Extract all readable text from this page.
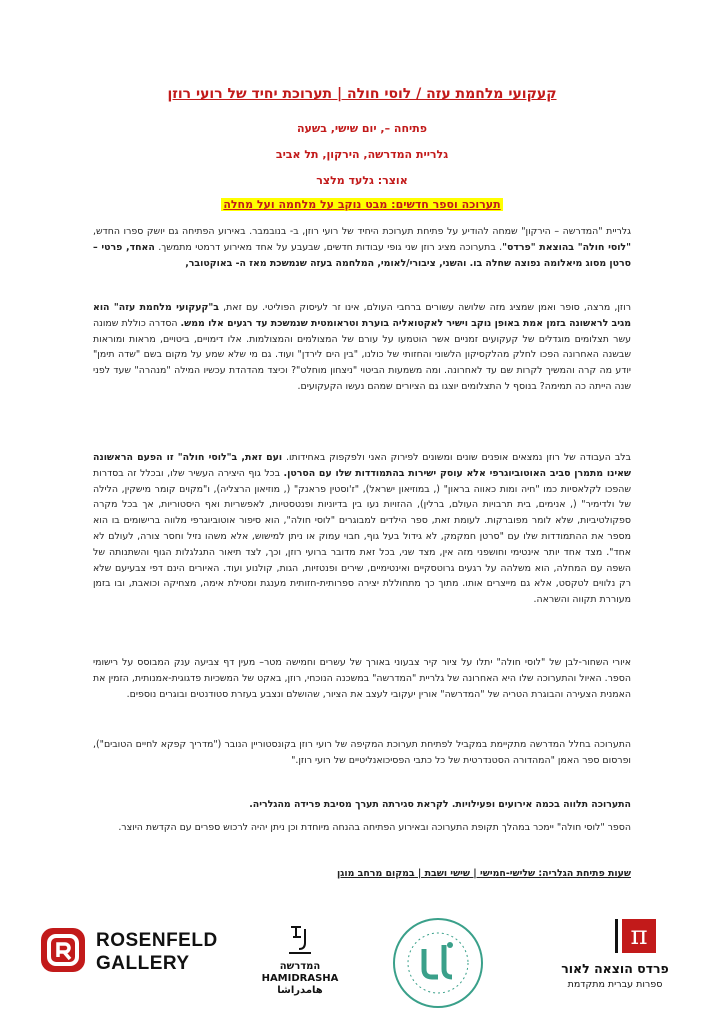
קעקועי מלחמת עזה / לוסי חולה | תערוכת יחיד של רועי רוזן
פתיחה –, יום שישי, בשעה
גלריית המדרשה, הירקון, תל אביב
אוצר: גלעד מלצר
תערוכה וספר חדשים: מבט נוקב על מלחמה ועל מחלה
גלריית "המדרשה – הירקון" שמחה להודיע על פתיחת תערוכת היחיד של רועי רוזן, ב- בנובמבר. באירוע הפתיחה גם יושק ספרו החדש, "לוסי חולה" בהוצאת "פרדס". בתערוכה מציג רוזן שני גופי עבודות חדשים, שבעבע על אחד מאירוע דרמטי מתמשך. האחד, פרטי – סרטן מסוג מיאלומה נפוצה שחלה בו. והשני, ציבורי/לאומי, המלחמה בעזה שנמשכת מאז ה- באוקטובר,
רוזן, מרצה, סופר ואמן שמציג מזה שלושה עשורים ברחבי העולם, אינו זר לעיסוק הפוליטי. עם זאת, ב"קעקועי מלחמת עזה" הוא מגיב לראשונה בזמן אמת באופן נוקב וישיר לאקטואליה בוערת וטראומטית שנמשכת עד רגעים אלו ממש. הסדרה כוללת שמונה עשר תצלומים מוגדלים של קעקועים זמניים אשר הוטמעו על עורם של המצולמים והמצולמות. אלו דימויים, ביטויים, מראות ומוראות שבשנה האחרונה הפכו לחלק מהלקסיקון הלשוני והחזותי של כולנו, "בין הים לירדן" ועוד. גם מי שלא שמע על מקום בשם "שדה תימן" יודע מה קרה והמשיך לקרות שם עד לאחרונה. ומה משמעות הביטוי "ניצחון מוחלט"? וכיצד מהדהדת עכשיו המילה "מנהרה" שעד לפני שנה הייתה כה תמימה? בנוסף ל התצלומים יוצגו גם הציורים שמהם נעשו הקעקועים.
בלב העבודה של רוזן נמצאים אופנים שונים ומשונים לפירוק האני ולפקפוק באחידותו. ועם זאת, ב"לוסי חולה" זו הפעם הראשונה שאינו מתמרן סביב האוטוביוגרפי אלא עוסק ישירות בהתמודדות שלו עם הסרטן. בכל גוף היצירה העשיר שלו, ובכלל זה בסדרות שהפכו לקלאסיות כמו "חיה ומות כאווה בראון" (, במוזיאון ישראל), "ז'וסטין פראנק" (, מוזיאון הרצליה), ו"מקוים קומר מישקין, הלילה של ולדימיר" (, אנימים, בית תרבויות העולם, ברלין), ההזויות נעו בין בדיוניות ופנטסטיות, לאפשריות ואף היסטוריות, אך בכל מקרה ספקולטיביות, שלא לומר מפוברקות. לעומת זאת, ספר הילדים למבוגרים "לוסי חולה", הוא סיפור אוטוביוגרפי מלווה ברישומים בו הוא מספר את ההתמודדות שלו עם "סרטן חמקמק, לא גידול בעל גוף, חבוי עמוק או ניתן למישוש, אלא משהו נזיל וחסר צורה, לעולם לא אחד". מצד אחד יותר אינטימי וחושפני מזה אין, מצד שני, בכל זאת מדובר ברועי רוזן, וכך, לצד תיאור התגלגלות הגוף והשתנותה של השפה עם המחלה, הוא משלהה על רגעים גרוטסקיים ואינטימיים, שירים ופנטזיות, הגות, קולנוע ועוד. האיורים הינם דפי צבעיעם שלא רק נלווים לטקסט, אלא גם מייצרים אותו. מתוך כך מתחוללת יצירה ספרותית-חזותית מענגת ומטילת אימה, מצחיקה וכואבת, ובו בזמן מעוררת תקווה והשראה.
איורי השחור-לבן של "לוסי חולה" יתלו על ציור קיר צבעוני באורך של עשרים וחמישה מטר– מעין דף צביעה ענק המבוסס על רישומי הספר. האיול והתערוכה שלו היא האחרונה של גלריית "המדרשה" במשכנה הנוכחי, רוזן, באקט של המשכיות פדגוגית-אמנותית, הזמין את האמנית הצעירה והבוגרת הטריה של "המדרשה" אורין יעקובי לעצב את הציור, שהושלם ונצבע בעזרת סטודנטים ובוגרים נוספים.
התערוכה בחלל המדרשה מתקיימת במקביל לפתיחת תערוכת המקיפה של רועי רוזן בקונסטוריין הנובר ("מדריך קפקא לחיים הטובים"), ופרסום ספר האמן "המהדורה הסטנדרטית של כל כתבי הפסיכואנליטיים של רועי רוזן."
התערוכה תלווה בכמה אירועים ופעילויות. לקראת סגירתה תערך מסיבת פרידה מהגלריה.
הספר "לוסי חולה" יימכר במהלך תקופת התערוכה ובאירוע הפתיחה בהנחה מיוחדת וכן ניתן יהיה לרכוש ספרים עם הקדשת היוצר.
שעות פתיחת הגלריה: שלישי-חמישי | שישי ושבת | במקום מרחב מוגן
ROSENFELD
GALLERY	המדרשה
HAMIDRASHA
هامدراشا
π
פרדס הוצאה לאור
ספרות עברית מתקדמת
